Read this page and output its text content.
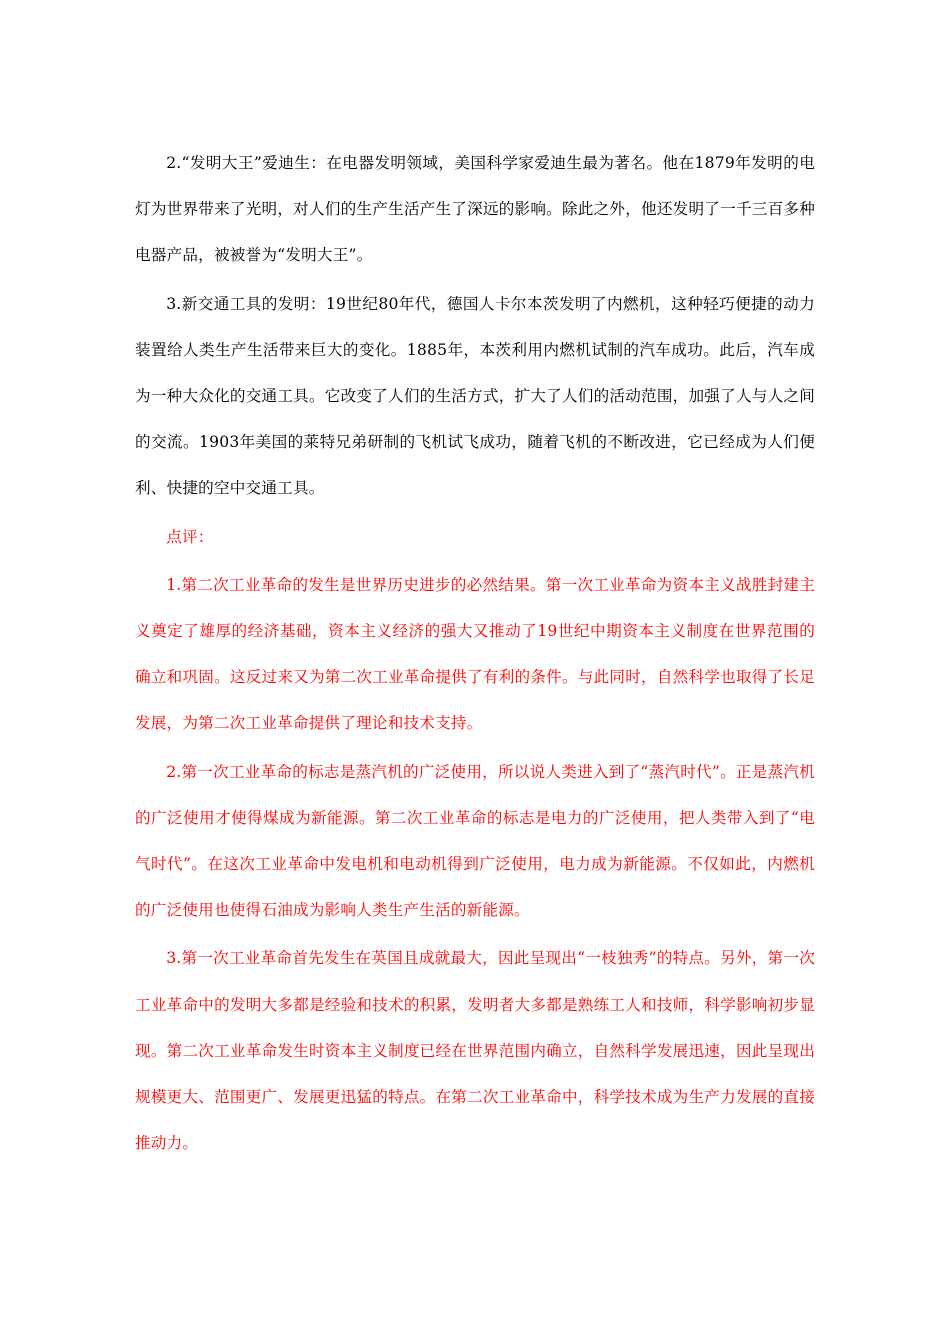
2.“发明大王”爱迪生：在电器发明领域，美国科学家爱迪生最为著名。他在1879年发明的电灯为世界带来了光明，对人们的生产生活产生了深远的影响。除此之外，他还发明了一千三百多种电器产品，被被誉为“发明大王”。

3.新交通工具的发明：19世纪80年代，德国人卡尔本茨发明了内燃机，这种轻巧便捷的动力装置给人类生产生活带来巨大的变化。1885年，本茨利用内燃机试制的汽车成功。此后，汽车成为一种大众化的交通工具。它改变了人们的生活方式，扩大了人们的活动范围，加强了人与人之间的交流。1903年美国的莱特兄弟研制的飞机试飞成功，随着飞机的不断改进，它已经成为人们便利、快捷的空中交通工具。

点评：

1.第二次工业革命的发生是世界历史进步的必然结果。第一次工业革命为资本主义战胜封建主义奠定了雄厚的经济基础，资本主义经济的强大又推动了19世纪中期资本主义制度在世界范围的确立和巩固。这反过来又为第二次工业革命提供了有利的条件。与此同时，自然科学也取得了长足发展，为第二次工业革命提供了理论和技术支持。

2.第一次工业革命的标志是蒸汽机的广泛使用，所以说人类进入到了“蒸汽时代”。正是蒸汽机的广泛使用才使得煤成为新能源。第二次工业革命的标志是电力的广泛使用，把人类带入到了“电气时代”。在这次工业革命中发电机和电动机得到广泛使用，电力成为新能源。不仅如此，内燃机的广泛使用也使得石油成为影响人类生产生活的新能源。

3.第一次工业革命首先发生在英国且成就最大，因此呈现出“一枝独秀”的特点。另外，第一次工业革命中的发明大多都是经验和技术的积累，发明者大多都是熟练工人和技师，科学影响初步显现。第二次工业革命发生时资本主义制度已经在世界范围内确立，自然科学发展迅速，因此呈现出规模更大、范围更广、发展更迅猛的特点。在第二次工业革命中，科学技术成为生产力发展的直接推动力。
